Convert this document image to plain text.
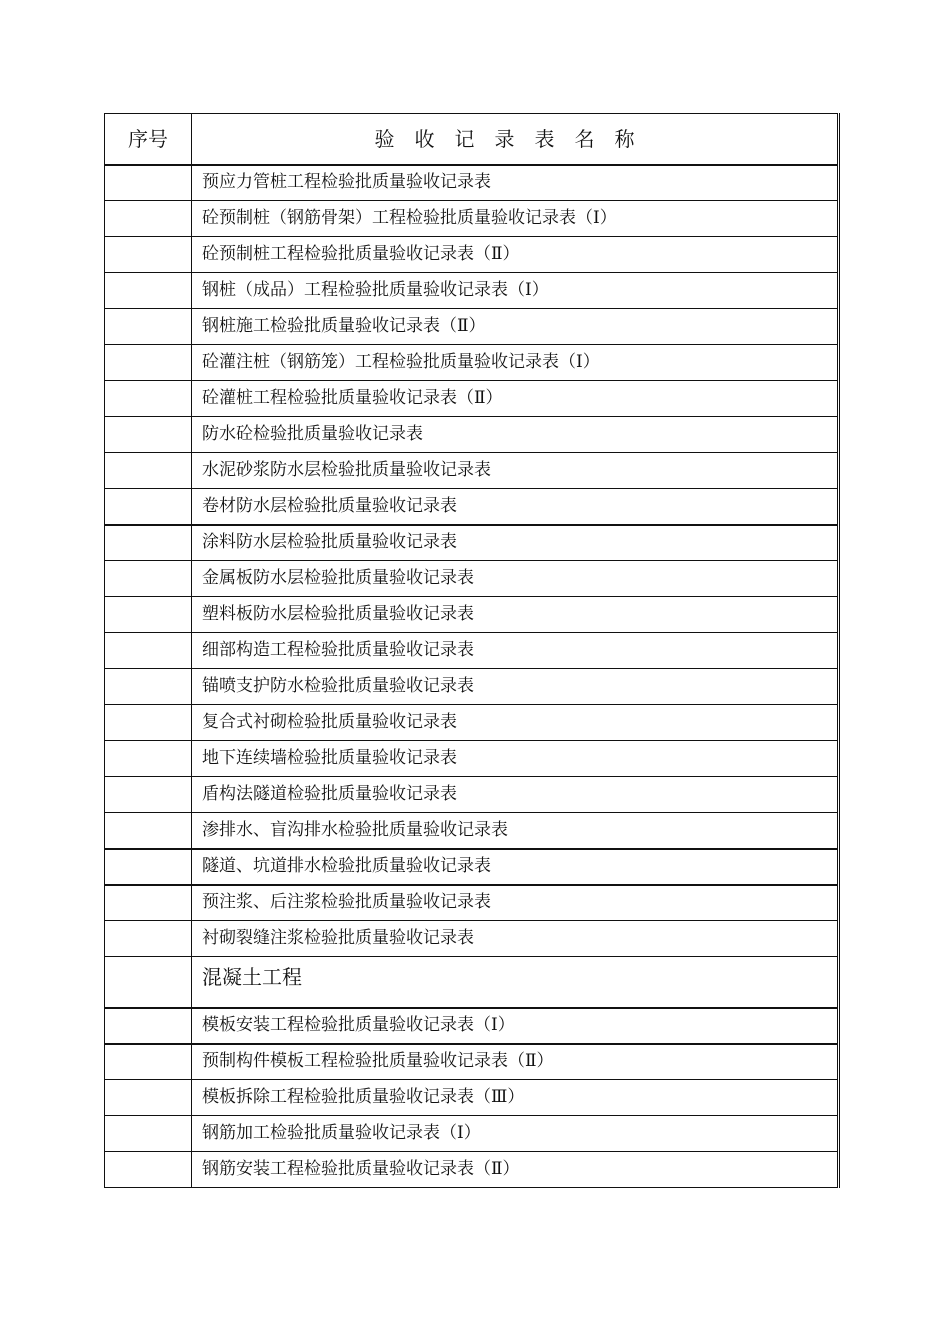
序号	验收记录表名称
	预应力管桩工程检验批质量验收记录表
	砼预制桩（钢筋骨架）工程检验批质量验收记录表（Ⅰ）
	砼预制桩工程检验批质量验收记录表（Ⅱ）
	钢桩（成品）工程检验批质量验收记录表（Ⅰ）
	钢桩施工检验批质量验收记录表（Ⅱ）
	砼灌注桩（钢筋笼）工程检验批质量验收记录表（Ⅰ）
	砼灌桩工程检验批质量验收记录表（Ⅱ）
	防水砼检验批质量验收记录表
	水泥砂浆防水层检验批质量验收记录表
	卷材防水层检验批质量验收记录表
	涂料防水层检验批质量验收记录表
	金属板防水层检验批质量验收记录表
	塑料板防水层检验批质量验收记录表
	细部构造工程检验批质量验收记录表
	锚喷支护防水检验批质量验收记录表
	复合式衬砌检验批质量验收记录表
	地下连续墙检验批质量验收记录表
	盾构法隧道检验批质量验收记录表
	渗排水、盲沟排水检验批质量验收记录表
	隧道、坑道排水检验批质量验收记录表
	预注浆、后注浆检验批质量验收记录表
	衬砌裂缝注浆检验批质量验收记录表
	混凝土工程
	模板安装工程检验批质量验收记录表（Ⅰ）
	预制构件模板工程检验批质量验收记录表（Ⅱ）
	模板拆除工程检验批质量验收记录表（Ⅲ）
	钢筋加工检验批质量验收记录表（Ⅰ）
	钢筋安装工程检验批质量验收记录表（Ⅱ）
